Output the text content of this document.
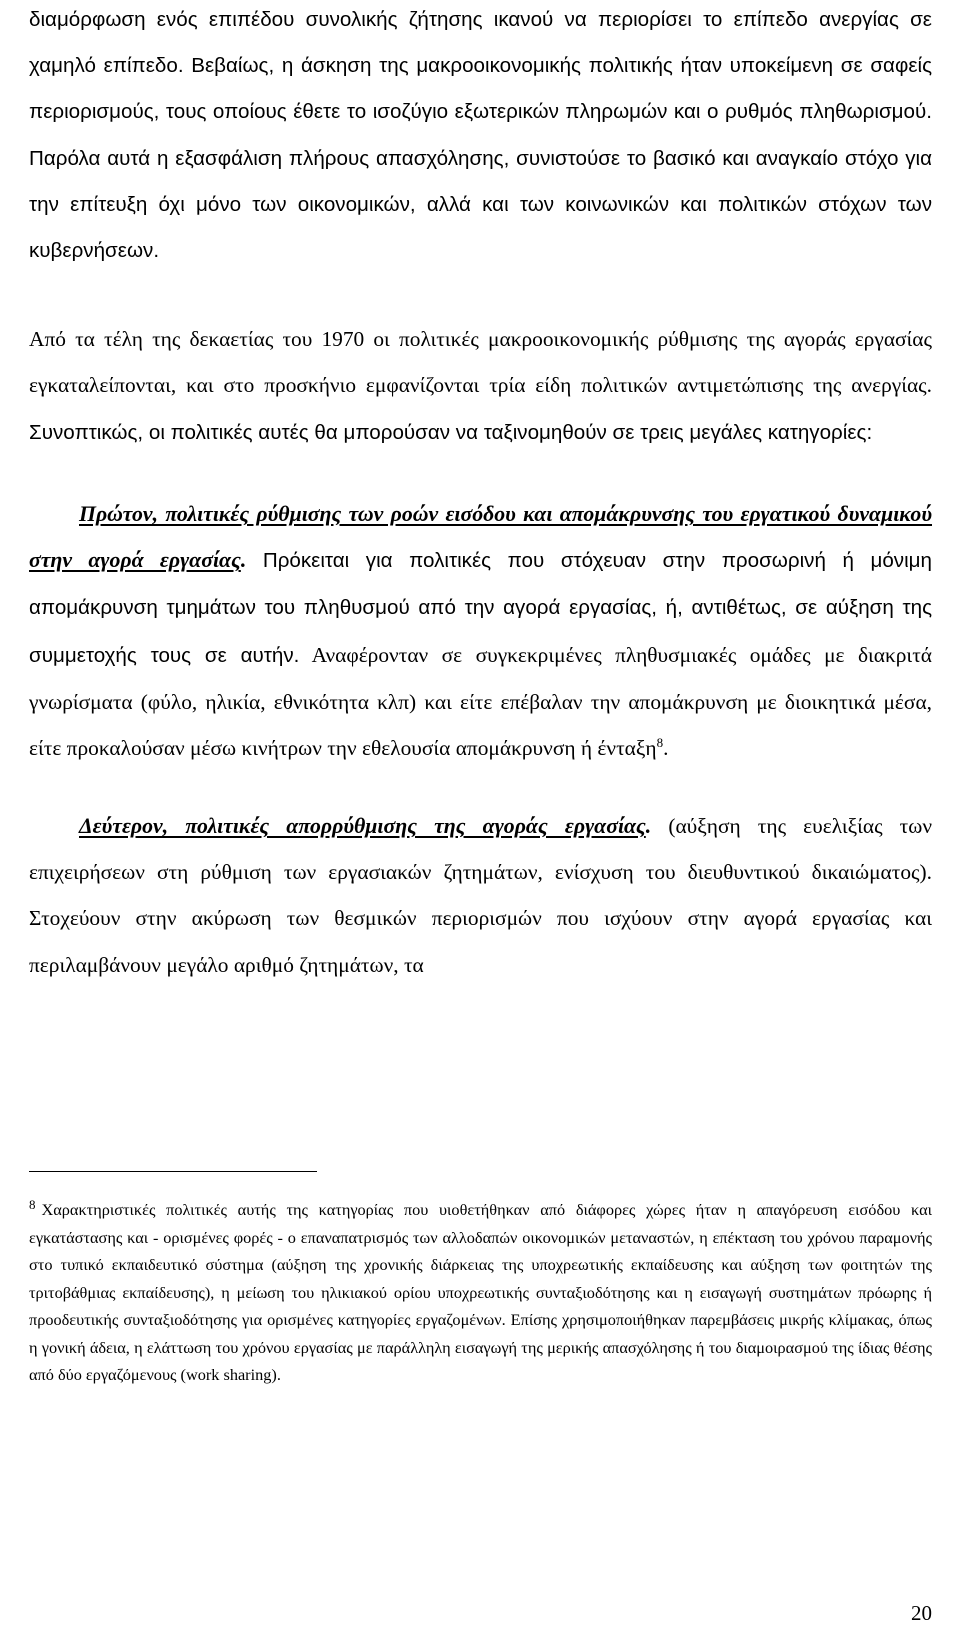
διαμόρφωση ενός επιπέδου συνολικής ζήτησης ικανού να περιορίσει το επίπεδο ανεργίας σε χαμηλό επίπεδο. Βεβαίως, η άσκηση της μακροοικονομικής πολιτικής ήταν υποκείμενη σε σαφείς περιορισμούς, τους οποίους έθετε το ισοζύγιο εξωτερικών πληρωμών και ο ρυθμός πληθωρισμού. Παρόλα αυτά η εξασφάλιση πλήρους απασχόλησης, συνιστούσε το βασικό και αναγκαίο στόχο για την επίτευξη όχι μόνο των οικονομικών, αλλά και των κοινωνικών και πολιτικών στόχων των κυβερνήσεων.

Από τα τέλη της δεκαετίας του 1970 οι πολιτικές μακροοικονομικής ρύθμισης της αγοράς εργασίας εγκαταλείπονται, και στο προσκήνιο εμφανίζονται τρία είδη πολιτικών αντιμετώπισης της ανεργίας. Συνοπτικώς, οι πολιτικές αυτές θα μπορούσαν να ταξινομηθούν σε τρεις μεγάλες κατηγορίες:

Πρώτον, πολιτικές ρύθμισης των ροών εισόδου και απομάκρυνσης του εργατικού δυναμικού στην αγορά εργασίας. Πρόκειται για πολιτικές που στόχευαν στην προσωρινή ή μόνιμη απομάκρυνση τμημάτων του πληθυσμού από την αγορά εργασίας, ή, αντιθέτως, σε αύξηση της συμμετοχής τους σε αυτήν. Αναφέρονταν σε συγκεκριμένες πληθυσμιακές ομάδες με διακριτά γνωρίσματα (φύλο, ηλικία, εθνικότητα κλπ) και είτε επέβαλαν την απομάκρυνση με διοικητικά μέσα, είτε προκαλούσαν μέσω κινήτρων την εθελουσία απομάκρυνση ή ένταξη$^8$.

Δεύτερον, πολιτικές απορρύθμισης της αγοράς εργασίας. (αύξηση της ευελιξίας των επιχειρήσεων στη ρύθμιση των εργασιακών ζητημάτων, ενίσχυση του διευθυντικού δικαιώματος). Στοχεύουν στην ακύρωση των θεσμικών περιορισμών που ισχύουν στην αγορά εργασίας και περιλαμβάνουν μεγάλο αριθμό ζητημάτων, τα

$^8$ Χαρακτηριστικές πολιτικές αυτής της κατηγορίας που υιοθετήθηκαν από διάφορες χώρες ήταν η απαγόρευση εισόδου και εγκατάστασης και - ορισμένες φορές - ο επαναπατρισμός των αλλοδαπών οικονομικών μεταναστών, η επέκταση του χρόνου παραμονής στο τυπικό εκπαιδευτικό σύστημα (αύξηση της χρονικής διάρκειας της υποχρεωτικής εκπαίδευσης και αύξηση των φοιτητών της τριτοβάθμιας εκπαίδευσης), η μείωση του ηλικιακού ορίου υποχρεωτικής συνταξιοδότησης και η εισαγωγή συστημάτων πρόωρης ή προοδευτικής συνταξιοδότησης για ορισμένες κατηγορίες εργαζομένων. Επίσης χρησιμοποιήθηκαν παρεμβάσεις μικρής κλίμακας, όπως η γονική άδεια, η ελάττωση του χρόνου εργασίας με παράλληλη εισαγωγή της μερικής απασχόλησης ή του διαμοιρασμού της ίδιας θέσης από δύο εργαζόμενους (work sharing).

20
